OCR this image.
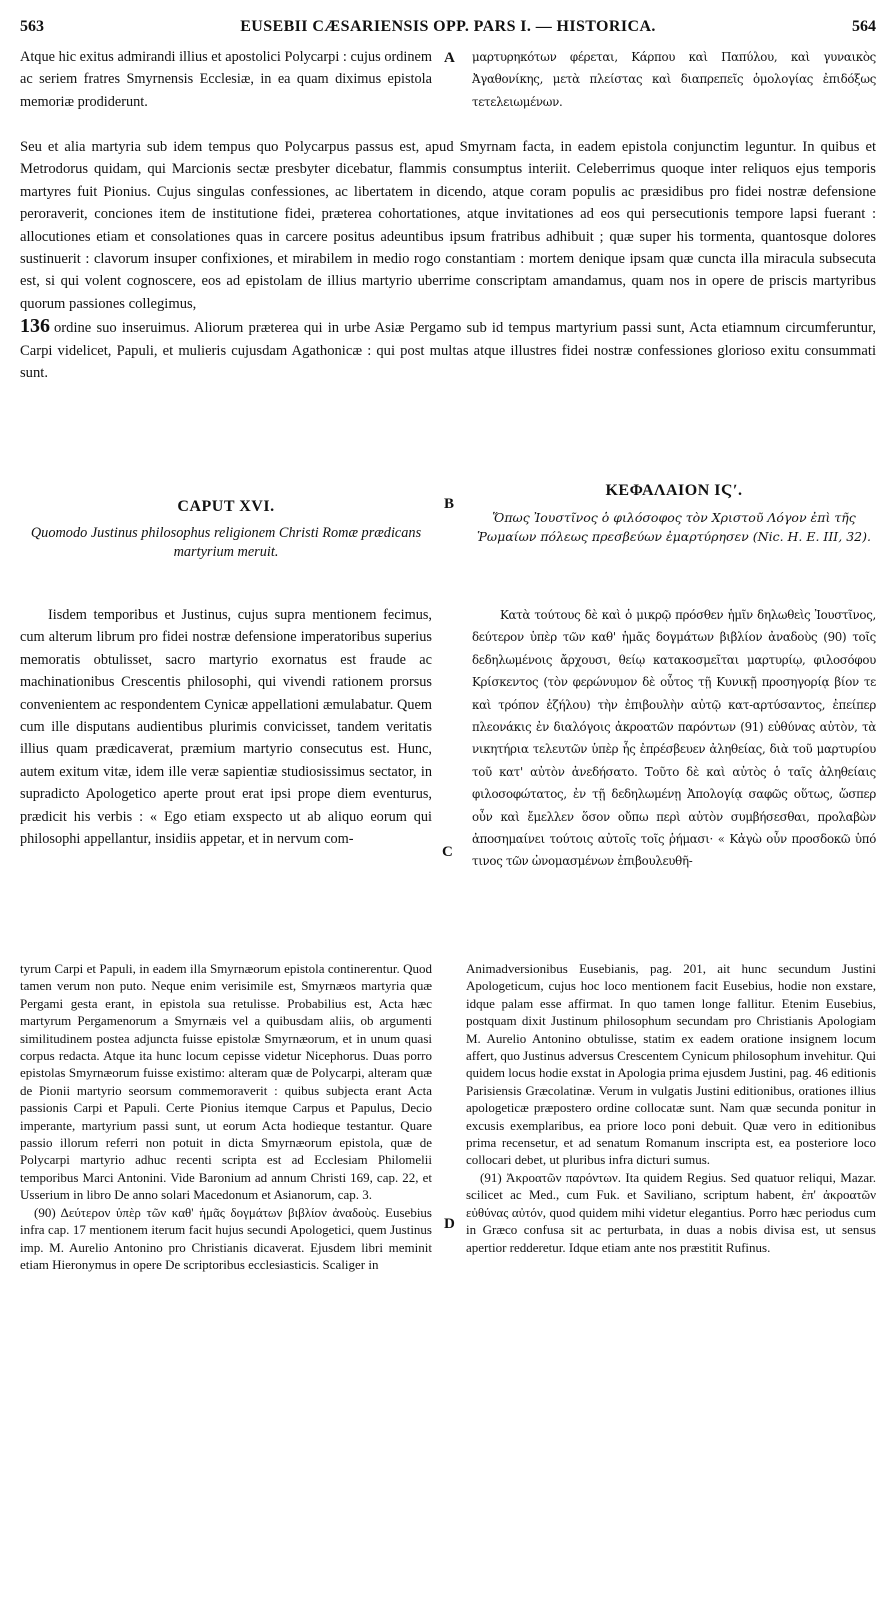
563	EUSEBII CÆSARIENSIS OPP. PARS I. — HISTORICA.	564

Atque hic exitus admirandi illius et apostolici Polycarpi : cujus ordinem ac seriem fratres Smyrnensis Ecclesiæ, in ea quam diximus epistola memoriæ prodiderunt.

A μαρτυρηκότων φέρεται, Κάρπου καὶ Παπύλου, καὶ γυναικὸς Ἀγαθονίκης, μετὰ πλείστας καὶ διαπρεπεῖς ὁμολογίας ἐπιδόξως τετελειωμένων.

Seu et alia martyria sub idem tempus quo Polycarpus passus est, apud Smyrnam facta, in eadem epistola conjunctim leguntur. In quibus et Metrodorus quidam, qui Marcionis sectæ presbyter dicebatur, flammis consumptus interiit. Celeberrimus quoque inter reliquos ejus temporis martyres fuit Pionius. Cujus singulas confessiones, ac libertatem in dicendo, atque coram populis ac præsidibus pro fidei nostræ defensione peroraverit, conciones item de institutione fidei, præterea cohortationes, atque invitationes ad eos qui persecutionis tempore lapsi fuerant : allocutiones etiam et consolationes quas in carcere positus adeuntibus ipsum fratribus adhibuit ; quæ super his tormenta, quantosque dolores sustinuerit : clavorum insuper confixiones, et mirabilem in medio rogo constantiam : mortem denique ipsam quæ cuncta illa miracula subsecuta est, si qui volent cognoscere, eos ad epistolam de illius martyrio uberrime conscriptam amandamus, quam nos in opere de priscis martyribus quorum passiones collegimus,

136 ordine suo inseruimus. Aliorum præterea qui in urbe Asiæ Pergamo sub id tempus martyrium passi sunt, Acta etiamnum circumferuntur, Carpi videlicet, Papuli, et mulieris cujusdam Agathonicæ : qui post multas atque illustres fidei nostræ confessiones glorioso exitu consummati sunt.

CAPUT XVI.

Quomodo Justinus philosophus religionem Christi Romæ prædicans martyrium meruit.

B

ΚΕΦΑΛΑΙΟΝ ΙϚʹ.

Ὅπως Ἰουστῖνος ὁ φιλόσοφος τὸν Χριστοῦ Λόγον ἐπὶ τῆς Ῥωμαίων πόλεως πρεσβεύων ἐμαρτύρησεν (Nic. H. E. III, 32).

Iisdem temporibus et Justinus, cujus supra mentionem fecimus, cum alterum librum pro fidei nostræ defensione imperatoribus superius memoratis obtulisset, sacro martyrio exornatus est fraude ac machinationibus Crescentis philosophi, qui vivendi rationem prorsus convenientem ac respondentem Cynicæ appellationi æmulabatur. Quem cum ille disputans audientibus plurimis convicisset, tandem veritatis illius quam prædicaverat, præmium martyrio consecutus est. Hunc, autem exitum vitæ, idem ille veræ sapientiæ studiosissimus sectator, in supradicto Apologetico aperte prout erat ipsi prope diem eventurus, prædicit his verbis : « Ego etiam exspecto ut ab aliquo eorum qui philosophi appellantur, insidiis appetar, et in nervum com-

C

Κατὰ τούτους δὲ καὶ ὁ μικρῷ πρόσθεν ἡμῖν δηλωθεὶς Ἰουστῖνος, δεύτερον ὑπὲρ τῶν καθ' ἡμᾶς δογμάτων βιβλίον ἀναδοὺς (90) τοῖς δεδηλωμένοις ἄρχουσι, θείῳ κατακοσμεῖται μαρτυρίῳ, φιλοσόφου Κρίσκεντος (τὸν φερώνυμον δὲ οὗτος τῇ Κυνικῇ προσηγορίᾳ βίον τε καὶ τρόπον ἐζήλου) τὴν ἐπιβουλὴν αὐτῷ κατ-αρτύσαντος, ἐπείπερ πλεονάκις ἐν διαλόγοις ἀκροατῶν παρόντων (91) εὐθύνας αὐτὸν, τὰ νικητήρια τελευτῶν ὑπὲρ ἧς ἐπρέσβευεν ἀληθείας, διὰ τοῦ μαρτυρίου τοῦ κατ' αὐτὸν ἀνεδήσατο. Τοῦτο δὲ καὶ αὐτὸς ὁ ταῖς ἀληθείαις φιλοσοφώτατος, ἐν τῇ δεδηλωμένῃ Ἀπολογίᾳ σαφῶς οὕτως, ὥσπερ οὖν καὶ ἔμελλεν ὅσον οὔπω περὶ αὐτὸν συμβήσεσθαι, προλαβὼν ἀποσημαίνει τούτοις αὐτοῖς τοῖς ῥήμασι· « Κἀγὼ οὖν προσδοκῶ ὑπό τινος τῶν ὠνομασμένων ἐπιβουλευθῆ-

tyrum Carpi et Papuli, in eadem illa Smyrnæorum epistola continerentur. Quod tamen verum non puto. Neque enim verisimile est, Smyrnæos martyria quæ Pergami gesta erant, in epistola sua retulisse. Probabilius est, Acta hæc martyrum Pergamenorum a Smyrnæis vel a quibusdam aliis, ob argumenti similitudinem postea adjuncta fuisse epistolæ Smyrnæorum, et in unum quasi corpus redacta. Atque ita hunc locum cepisse videtur Nicephorus. Duas porro epistolas Smyrnæorum fuisse existimo: alteram quæ de Polycarpi, alteram quæ de Pionii martyrio seorsum commemoraverit : quibus subjecta erant Acta passionis Carpi et Papuli. Certe Pionius itemque Carpus et Papulus, Decio imperante, martyrium passi sunt, ut eorum Acta hodieque testantur. Quare passio illorum referri non potuit in dicta Smyrnæorum epistola, quæ de Polycarpi martyrio adhuc recenti scripta est ad Ecclesiam Philomelii temporibus Marci Antonini. Vide Baronium ad annum Christi 169, cap. 22, et Usserium in libro De anno solari Macedonum et Asianorum, cap. 3.

(90) Δεύτερον ὑπὲρ τῶν καθ' ἡμᾶς δογμάτων βιβλίον ἀναδοὺς. Eusebius infra cap. 17 mentionem iterum facit hujus secundi Apologetici, quem Justinus imp. M. Aurelio Antonino pro Christianis dicaverat. Ejusdem libri meminit etiam Hieronymus in opere De scriptoribus ecclesiasticis. Scaliger in

D

Animadversionibus Eusebianis, pag. 201, ait hunc secundum Justini Apologeticum, cujus hoc loco mentionem facit Eusebius, hodie non exstare, idque palam esse affirmat. In quo tamen longe fallitur. Etenim Eusebius, postquam dixit Justinum philosophum secundam pro Christianis Apologiam M. Aurelio Antonino obtulisse, statim ex eadem oratione insignem locum affert, quo Justinus adversus Crescentem Cynicum philosophum invehitur. Qui quidem locus hodie exstat in Apologia prima ejusdem Justini, pag. 46 editionis Parisiensis Græcolatinæ. Verum in vulgatis Justini editionibus, orationes illius apologeticæ præpostero ordine collocatæ sunt. Nam quæ secunda ponitur in excusis exemplaribus, ea priore loco poni debuit. Quæ vero in editionibus prima recensetur, et ad senatum Romanum inscripta est, ea posteriore loco collocari debet, ut pluribus infra dicturi sumus.

(91) Ἀκροατῶν παρόντων. Ita quidem Regius. Sed quatuor reliqui, Mazar. scilicet ac Med., cum Fuk. et Saviliano, scriptum habent, ἐπ' ἀκροατῶν εὐθύνας αὐτόν, quod quidem mihi videtur elegantius. Porro hæc periodus cum in Græco confusa sit ac perturbata, in duas a nobis divisa est, ut sensus apertior redderetur. Idque etiam ante nos præstitit Rufinus.
